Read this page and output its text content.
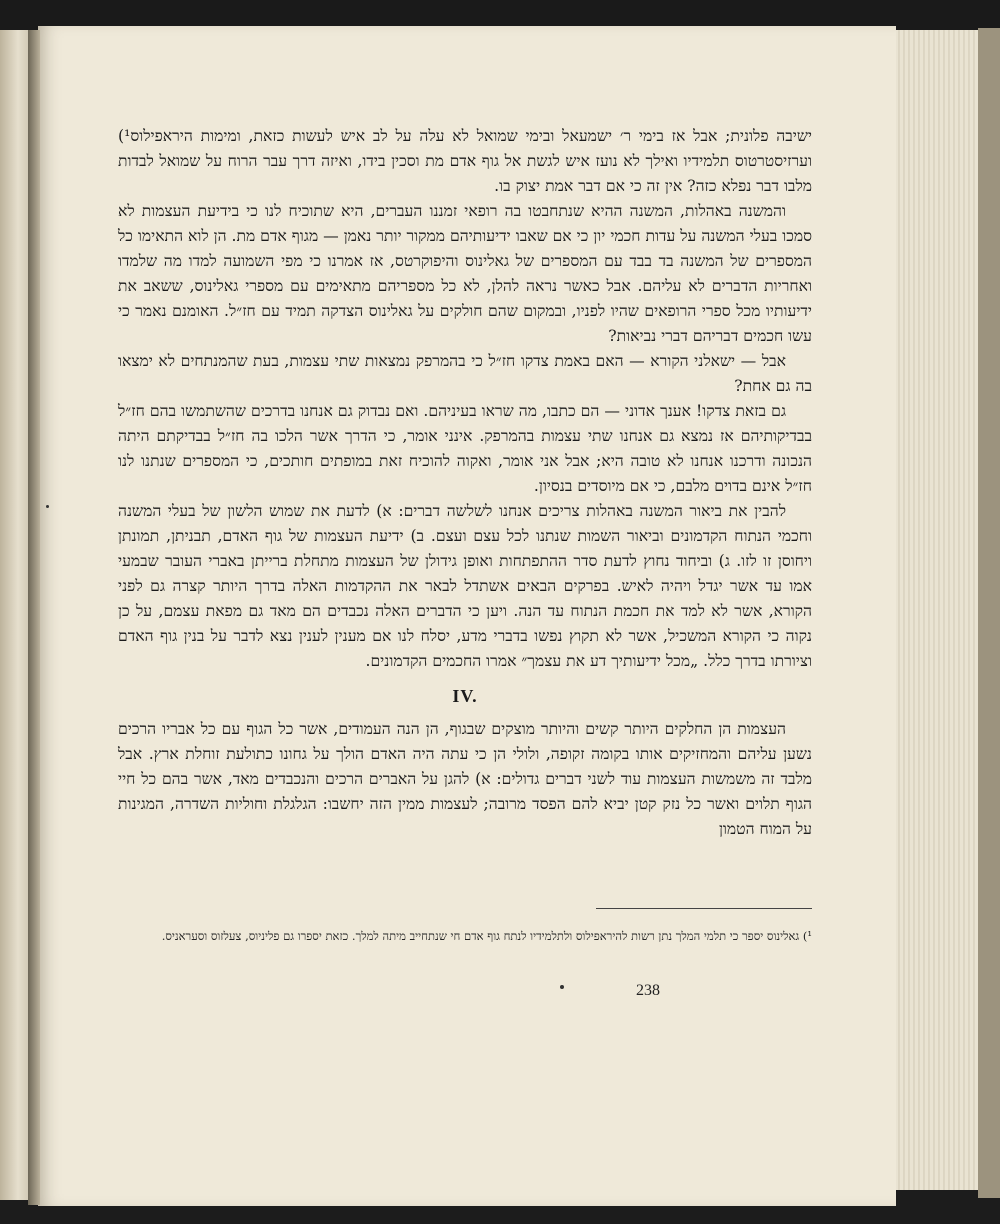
ישיבה פלונית; אבל אז בימי ר׳ ישמעאל ובימי שמואל לא עלה על לב איש לעשות כזאת, ומימות היראפילוס¹) וערזיסטרטוס תלמידיו ואילך לא נועז איש לגשת אל גוף אדם מת וסכין בידו, ואיזה דרך עבר הרוח על שמואל לבדות מלבו דבר נפלא כזה? אין זה כי אם דבר אמת יצוק בו.

והמשנה באהלות, המשנה ההיא שנתחבטו בה רופאי זמננו העברים, היא שתוכיח לנו כי בידיעת העצמות לא סמכו בעלי המשנה על עדות חכמי יון כי אם שאבו ידיעותיהם ממקור יותר נאמן — מגוף אדם מת. הן לוא התאימו כל המספרים של המשנה בד בבד עם המספרים של גאלינוס והיפוקרטס, אז אמרנו כי מפי השמועה למדו מה שלמדו ואחריות הדברים לא עליהם. אבל כאשר נראה להלן, לא כל מספריהם מתאימים עם מספרי גאלינוס, ששאב את ידיעותיו מכל ספרי הרופאים שהיו לפניו, ובמקום שהם חולקים על גאלינוס הצדקה תמיד עם חז״ל. האומנם נאמר כי עשו חכמים דבריהם דברי נביאות?

אבל — ישאלני הקורא — האם באמת צדקו חז״ל כי בהמרפק נמצאות שתי עצמות, בעת שהמנתחים לא ימצאו בה גם אחת?

גם בזאת צדקו! אענך אדוני — הם כתבו, מה שראו בעיניהם. ואם נבדוק גם אנחנו בדרכים שהשתמשו בהם חז״ל בבדיקותיהם אז נמצא גם אנחנו שתי עצמות בהמרפק. אינני אומר, כי הדרך אשר הלכו בה חז״ל בבדיקתם היתה הנכונה ודרכנו אנחנו לא טובה היא; אבל אני אומר, ואקוה להוכיח זאת במופתים חותכים, כי המספרים שנתנו לנו חז״ל אינם בדוים מלבם, כי אם מיוסדים בנסיון.

להבין את ביאור המשנה באהלות צריכים אנחנו לשלשה דברים: א) לדעת את שמוש הלשון של בעלי המשנה וחכמי הנתוח הקדמונים וביאור השמות שנתנו לכל עצם ועצם. ב) ידיעת העצמות של גוף האדם, תבניתן, תמונתן ויחוסן זו לזו. ג) וביחוד נחוץ לדעת סדר ההתפתחות ואופן גידולן של העצמות מתחלת ברייתן באברי העובר שבמעי אמו עד אשר יגדל ויהיה לאיש. בפרקים הבאים אשתדל לבאר את ההקדמות האלה בדרך היותר קצרה גם לפני הקורא, אשר לא למד את חכמת הנתוח עד הנה. ויען כי הדברים האלה נכבדים הם מאד גם מפאת עצמם, על כן נקוה כי הקורא המשכיל, אשר לא תקוץ נפשו בדברי מדע, יסלח לנו אם מענין לענין נצא לדבר על בנין גוף האדם וציורתו בדרך כלל. „מכל ידיעותיך דע את עצמך״ אמרו החכמים הקדמונים.

IV.

העצמות הן החלקים היותר קשים והיותר מוצקים שבגוף, הן הנה העמודים, אשר כל הגוף עם כל אבריו הרכים נשען עליהם והמחזיקים אותו בקומה זקופה, ולולי הן כי עתה היה האדם הולך על גחונו כתולעת זוחלת ארץ. אבל מלבד זה משמשות העצמות עוד לשני דברים גדולים: א) להגן על האברים הרכים והנכבדים מאד, אשר בהם כל חיי הגוף תלוים ואשר כל נזק קטן יביא להם הפסד מרובה; לעצמות ממין הזה יחשבו: הגלגלת וחוליות השדרה, המגינות על המוח הטמון

¹) גאלינוס יספר כי תלמי המלך נתן רשות להיראפילוס ולתלמידיו לנתח גוף אדם חי שנתחייב מיתה למלך. כזאת יספרו גם פליניוס, צעלזוס וסעראניס.

238
